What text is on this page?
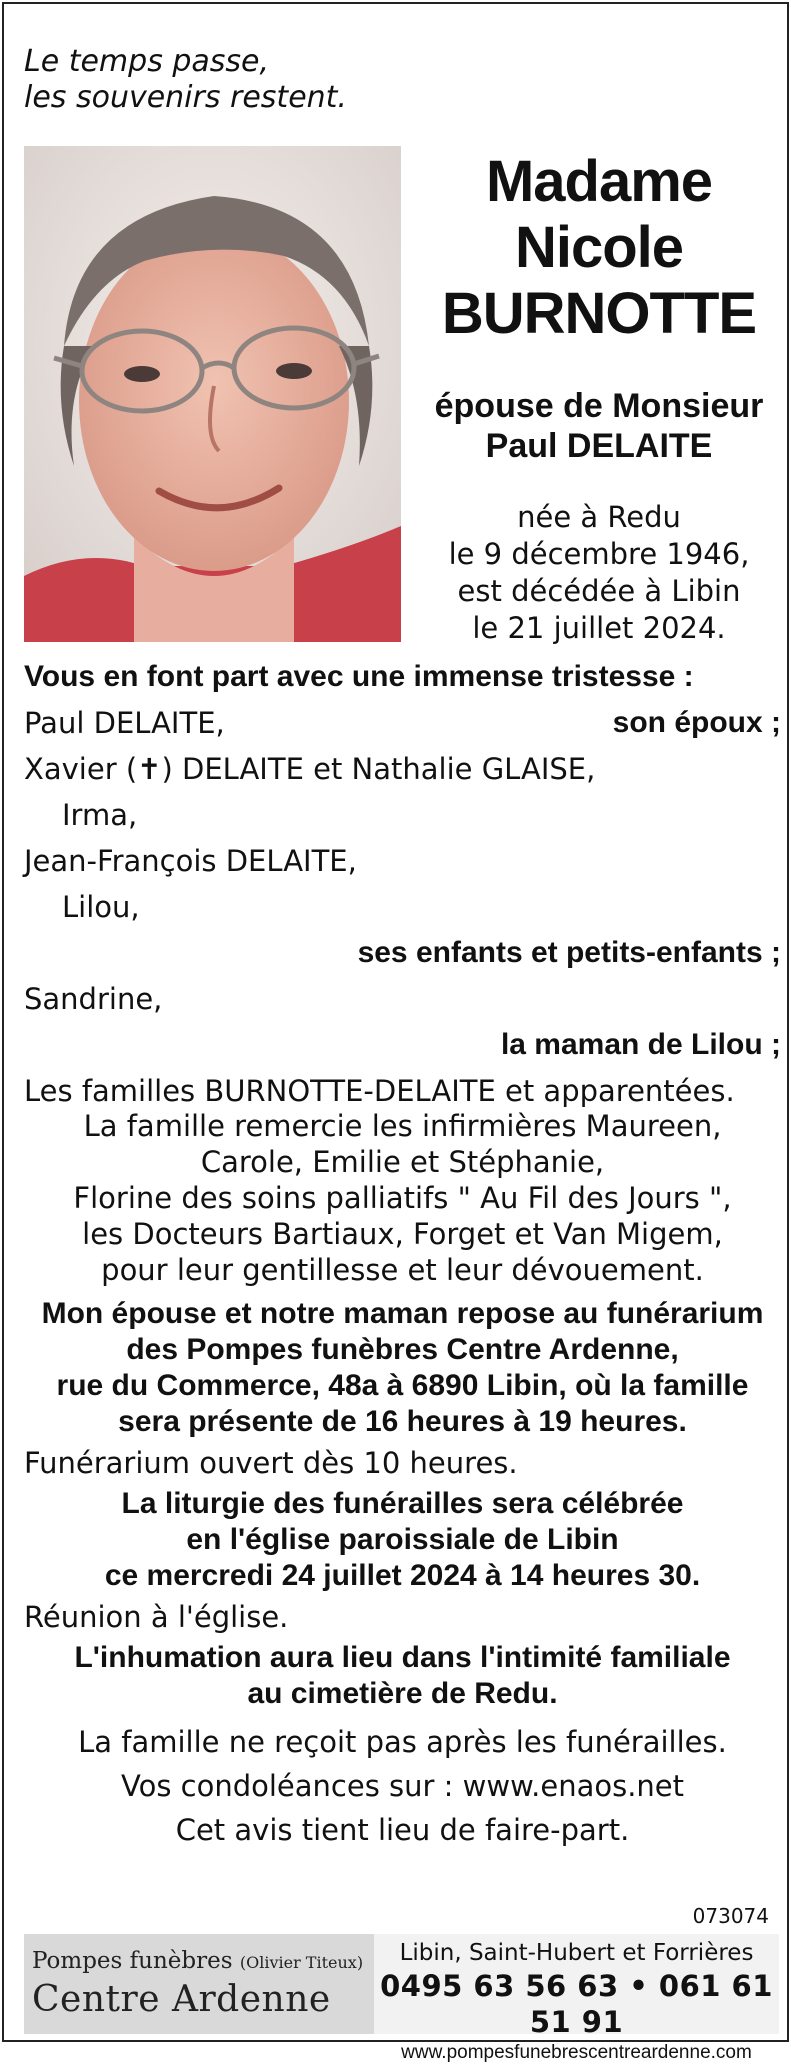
Le temps passe,
les souvenirs restent.
Madame
Nicole
BURNOTTE
épouse de Monsieur
Paul DELAITE
née à Redu
le 9 décembre 1946,
est décédée à Libin
le 21 juillet 2024.
Vous en font part avec une immense tristesse :
Paul DELAITE,	son époux ;
Xavier (✝) DELAITE et Nathalie GLAISE,
Irma,
Jean-François DELAITE,
Lilou,
ses enfants et petits-enfants ;
Sandrine,
la maman de Lilou ;
Les familles BURNOTTE-DELAITE et apparentées.
La famille remercie les infirmières Maureen,
Carole, Emilie et Stéphanie,
Florine des soins palliatifs " Au Fil des Jours ",
les Docteurs Bartiaux, Forget et Van Migem,
pour leur gentillesse et leur dévouement.
Mon épouse et notre maman repose au funérarium
des Pompes funèbres Centre Ardenne,
rue du Commerce, 48a à 6890 Libin, où la famille
sera présente de 16 heures à 19 heures.
Funérarium ouvert dès 10 heures.
La liturgie des funérailles sera célébrée
en l'église paroissiale de Libin
ce mercredi 24 juillet 2024 à 14 heures 30.
Réunion à l'église.
L'inhumation aura lieu dans l'intimité familiale
au cimetière de Redu.
La famille ne reçoit pas après les funérailles.
Vos condoléances sur : www.enaos.net
Cet avis tient lieu de faire-part.
073074
Pompes funèbres (Olivier Titeux)
Centre Ardenne
Libin, Saint-Hubert et Forrières
0495 63 56 63 • 061 61 51 91
www.pompesfunebrescentreardenne.com
